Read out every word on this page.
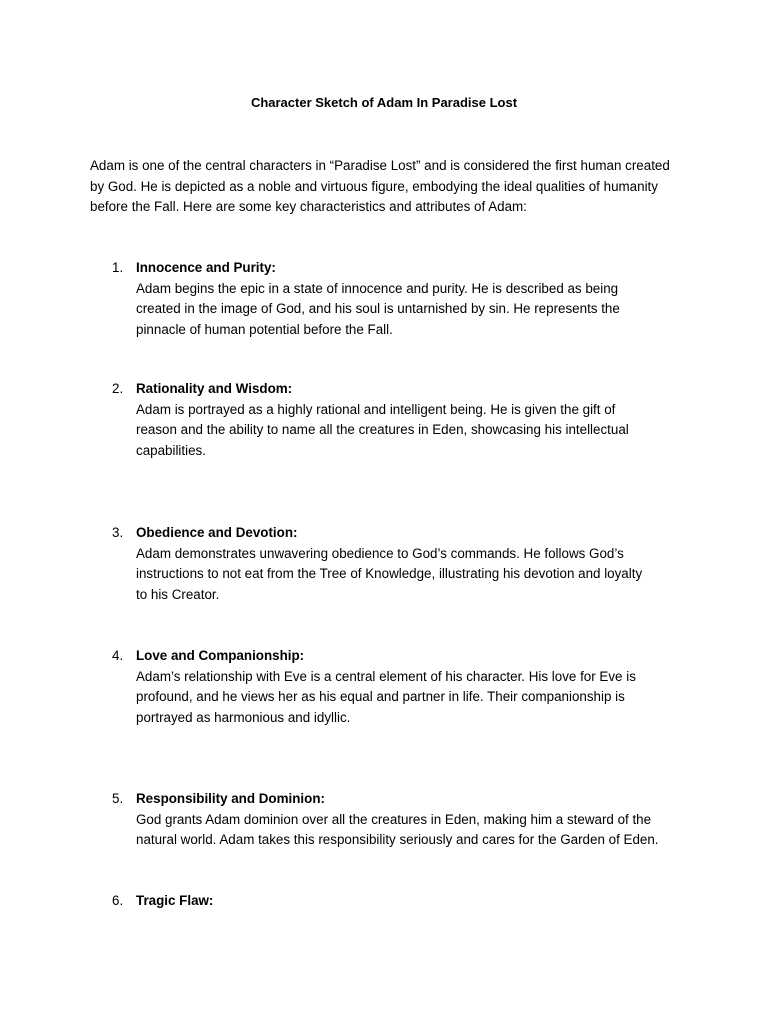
Character Sketch of Adam In Paradise Lost

Adam is one of the central characters in “Paradise Lost” and is considered the first human created by God. He is depicted as a noble and virtuous figure, embodying the ideal qualities of humanity before the Fall. Here are some key characteristics and attributes of Adam:

1. Innocence and Purity:

Adam begins the epic in a state of innocence and purity. He is described as being
created in the image of God, and his soul is untarnished by sin. He represents the
pinnacle of human potential before the Fall.

2. Rationality and Wisdom:

Adam is portrayed as a highly rational and intelligent being. He is given the gift of
reason and the ability to name all the creatures in Eden, showcasing his intellectual
capabilities.

3. Obedience and Devotion:

Adam demonstrates unwavering obedience to God’s commands. He follows God’s
instructions to not eat from the Tree of Knowledge, illustrating his devotion and loyalty
to his Creator.

4. Love and Companionship:

Adam’s relationship with Eve is a central element of his character. His love for Eve is
profound, and he views her as his equal and partner in life. Their companionship is
portrayed as harmonious and idyllic.

5. Responsibility and Dominion:

God grants Adam dominion over all the creatures in Eden, making him a steward of the
natural world. Adam takes this responsibility seriously and cares for the Garden of Eden.

6. Tragic Flaw:
